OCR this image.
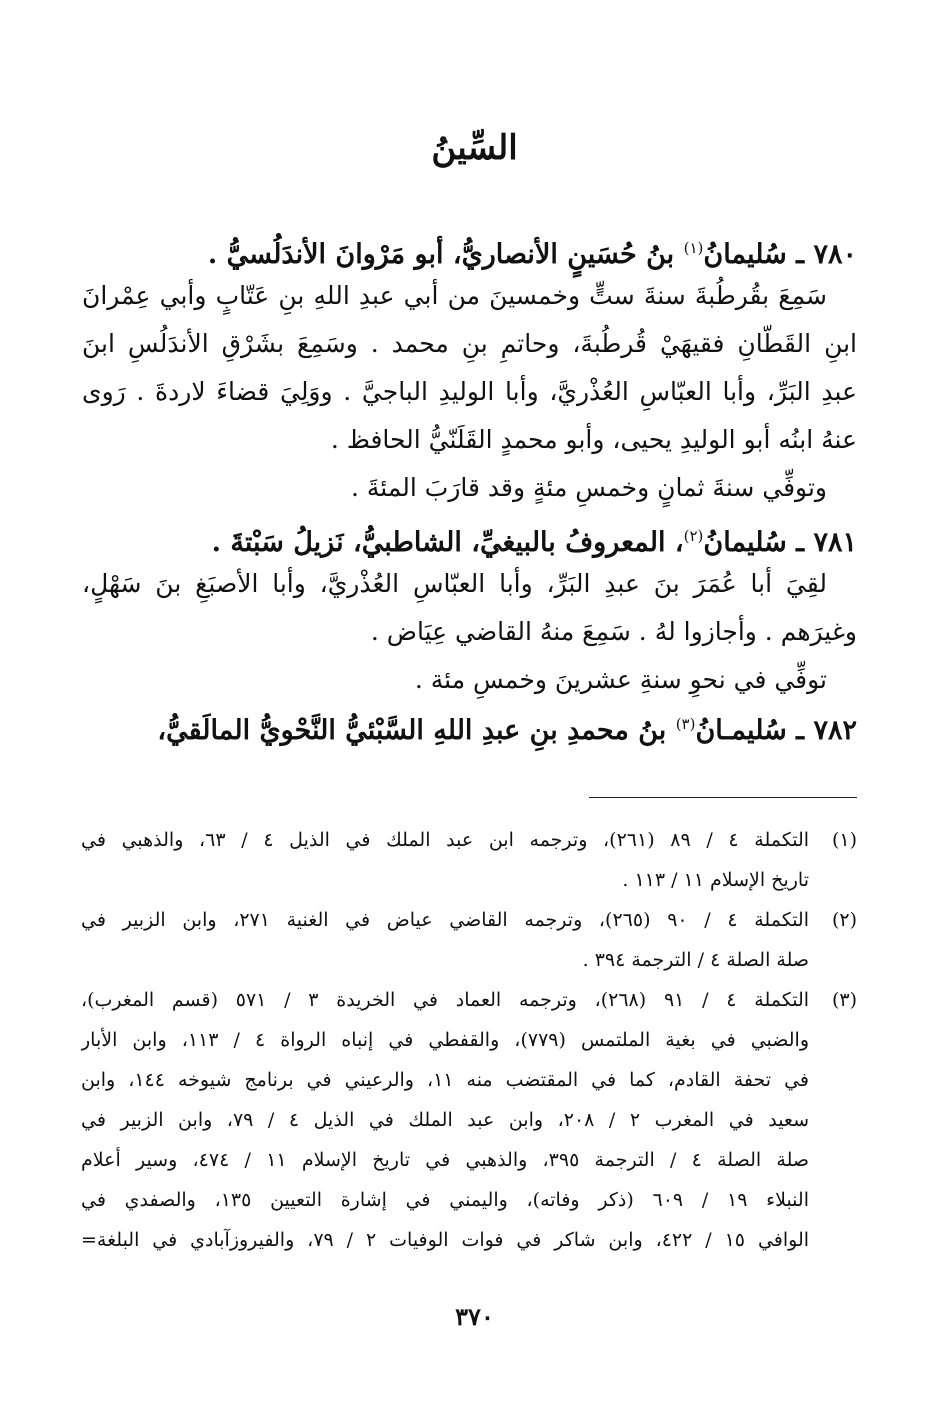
السِّينُ
٧٨٠ ـ سُليمانُ$^{(١)}$ بنُ حُسَينٍ الأنصاريُّ، أبو مَرْوانَ الأندَلُسيُّ .
سَمِعَ بقُرطُبةَ سنةَ ستٍّ وخمسينَ من أبي عبدِ اللهِ بنِ عَتّابٍ وأبي عِمْرانَ
ابنِ القَطّانِ فقيهَيْ قُرطُبةَ، وحاتمِ بنِ محمد . وسَمِعَ بشَرْقِ الأندَلُسِ ابنَ
عبدِ البَرِّ، وأبا العبّاسِ العُذْريَّ، وأبا الوليدِ الباجيَّ . ووَلِيَ قضاءَ لاردةَ . رَوى
عنهُ ابنُه أبو الوليدِ يحيى، وأبو محمدٍ القَلَنّيُّ الحافظ .
وتوفِّي سنةَ ثمانٍ وخمسِ مئةٍ وقد قارَبَ المئةَ .
٧٨١ ـ سُليمانُ$^{(٢)}$، المعروفُ بالبيغيِّ، الشاطبيُّ، نَزيلُ سَبْتةَ .
لقِيَ أبا عُمَرَ بنَ عبدِ البَرِّ، وأبا العبّاسِ العُذْريَّ، وأبا الأصبَغِ بنَ سَهْلٍ،
وغيرَهم . وأجازوا لهُ . سَمِعَ منهُ القاضي عِيَاض .
توفِّي في نحوِ سنةِ عشرينَ وخمسِ مئة .
٧٨٢ ـ سُليمـانُ$^{(٣)}$ بنُ محمدِ بنِ عبدِ اللهِ السَّبْئيُّ النَّحْويُّ المالَقيُّ،
(١)
التكملة ٤ / ٨٩ (٢٦١)، وترجمه ابن عبد الملك في الذيل ٤ / ٦٣، والذهبي في
تاريخ الإسلام ١١ / ١١٣ .
(٢)
التكملة ٤ / ٩٠ (٢٦٥)، وترجمه القاضي عياض في الغنية ٢٧١، وابن الزبير في
صلة الصلة ٤ / الترجمة ٣٩٤ .
(٣)
التكملة ٤ / ٩١ (٢٦٨)، وترجمه العماد في الخريدة ٣ / ٥٧١ (قسم المغرب)،
والضبي في بغية الملتمس (٧٧٩)، والقفطي في إنباه الرواة ٤ / ١١٣، وابن الأبار
في تحفة القادم، كما في المقتضب منه ١١، والرعيني في برنامج شيوخه ١٤٤، وابن
سعيد في المغرب ٢ / ٢٠٨، وابن عبد الملك في الذيل ٤ / ٧٩، وابن الزبير في
صلة الصلة ٤ / الترجمة ٣٩٥، والذهبي في تاريخ الإسلام ١١ / ٤٧٤، وسير أعلام
النبلاء ١٩ / ٦٠٩ (ذكر وفاته)، واليمني في إشارة التعيين ١٣٥، والصفدي في
الوافي ١٥ / ٤٢٢، وابن شاكر في فوات الوفيات ٢ / ٧٩، والفيروزآبادي في البلغة=
٣٧٠
